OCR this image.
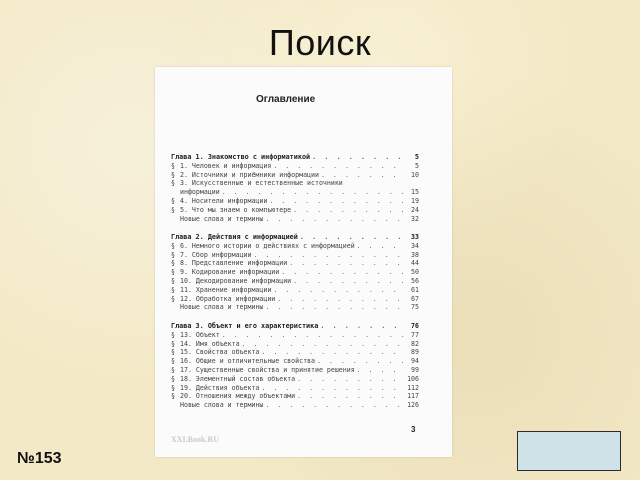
Поиск
Оглавление
Глава 1. Знакомство с информатикой . . .	5
§ 1. Человек и информация . . .	5
§ 2. Источники и приёмники информации . . .	10
§ 3. Искусственные и естественные источники
информации . . .	15
§ 4. Носители информации . . .	19
§ 5. Что мы знаем о компьютере . . .	24
Новые слова и термины . . .	32
Глава 2. Действия с информацией . . .	33
§ 6. Немного истории о действиях с информацией . . .	34
§ 7. Сбор информации . . .	38
§ 8. Представление информации . . .	44
§ 9. Кодирование информации . . .	50
§ 10. Декодирование информации . . .	56
§ 11. Хранение информации . . .	61
§ 12. Обработка информации . . .	67
Новые слова и термины . . .	75
Глава 3. Объект и его характеристика . . .	76
§ 13. Объект . . .	77
§ 14. Имя объекта . . .	82
§ 15. Свойства объекта . . .	89
§ 16. Общие и отличительные свойства . . .	94
§ 17. Существенные свойства и принятие решения . . .	99
§ 18. Элементный состав объекта . . .	106
§ 19. Действия объекта . . .	112
§ 20. Отношения между объектами . . .	117
Новые слова и термины . . .	126
XXI.Book.RU
3
№153
